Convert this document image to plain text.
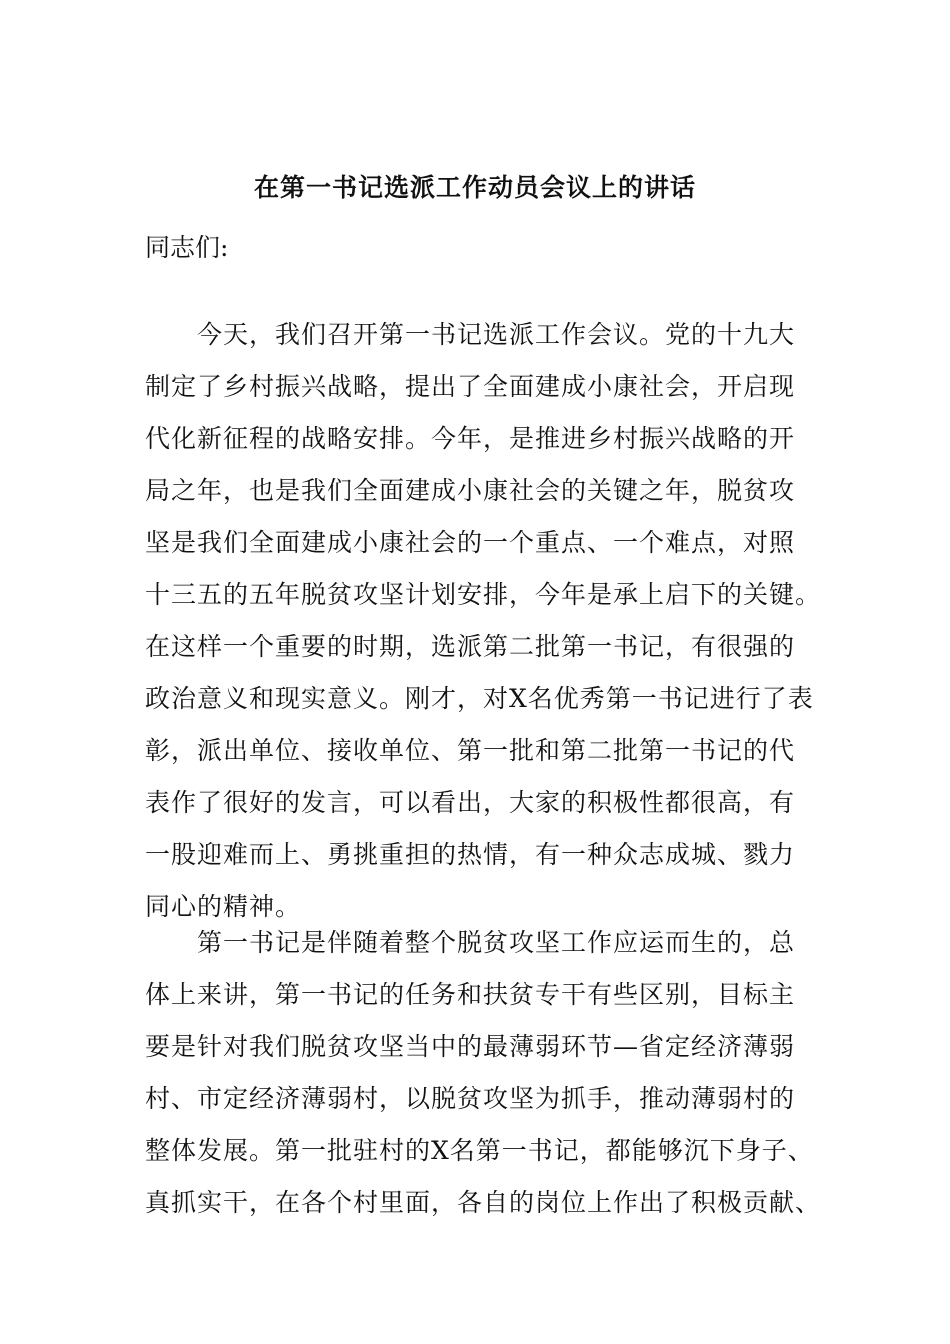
在第一书记选派工作动员会议上的讲话
同志们:
今天，我们召开第一书记选派工作会议。党的十九大
制定了乡村振兴战略，提出了全面建成小康社会，开启现
代化新征程的战略安排。今年，是推进乡村振兴战略的开
局之年，也是我们全面建成小康社会的关键之年，脱贫攻
坚是我们全面建成小康社会的一个重点、一个难点，对照
十三五的五年脱贫攻坚计划安排，今年是承上启下的关键。
在这样一个重要的时期，选派第二批第一书记，有很强的
政治意义和现实意义。刚才，对X名优秀第一书记进行了表
彰，派出单位、接收单位、第一批和第二批第一书记的代
表作了很好的发言，可以看出，大家的积极性都很高，有
一股迎难而上、勇挑重担的热情，有一种众志成城、戮力
同心的精神。
第一书记是伴随着整个脱贫攻坚工作应运而生的，总
体上来讲，第一书记的任务和扶贫专干有些区别，目标主
要是针对我们脱贫攻坚当中的最薄弱环节—省定经济薄弱
村、市定经济薄弱村，以脱贫攻坚为抓手，推动薄弱村的
整体发展。第一批驻村的X名第一书记，都能够沉下身子、
真抓实干，在各个村里面，各自的岗位上作出了积极贡献、
